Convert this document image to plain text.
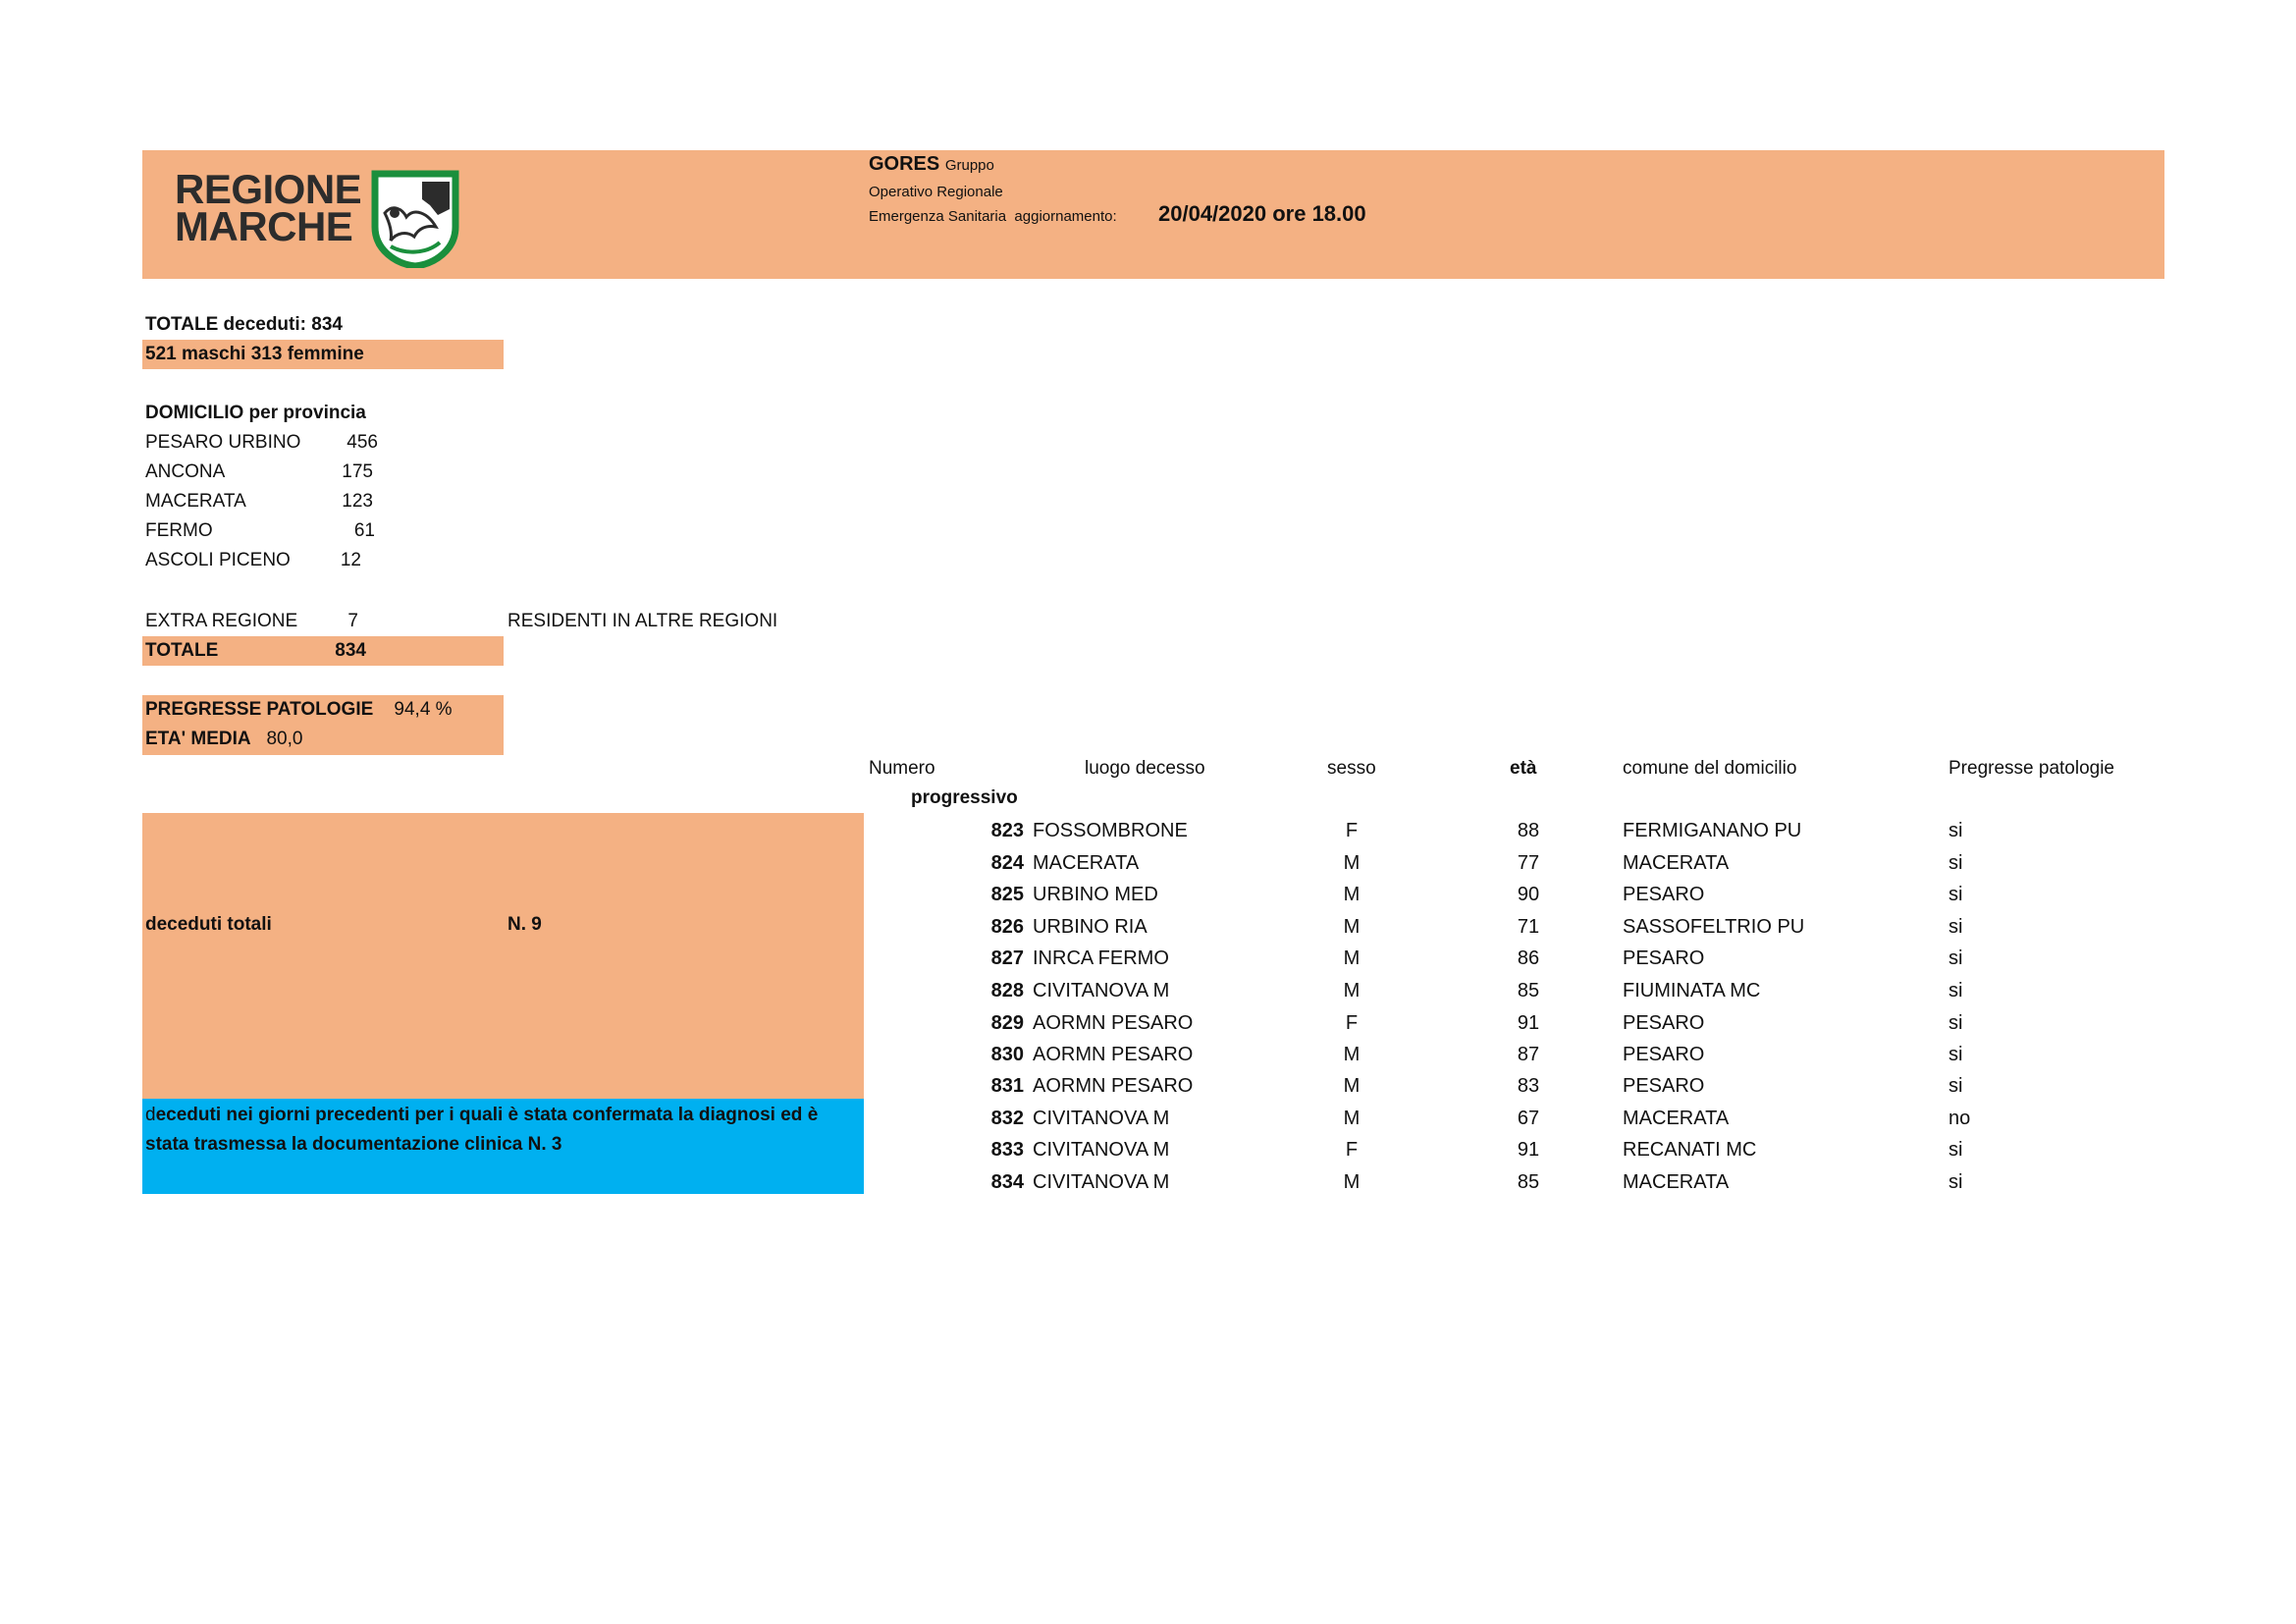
REGIONE
MARCHE
GORES Gruppo
Operativo Regionale
Emergenza Sanitaria aggiornamento: 20/04/2020 ore 18.00
TOTALE deceduti: 834
521 maschi 313 femmine
DOMICILIO per provincia
PESARO URBINO	456
ANCONA	175
MACERATA	123
FERMO	61
ASCOLI PICENO	12
EXTRA REGIONE	7	RESIDENTI IN ALTRE REGIONI
TOTALE	834
PREGRESSE PATOLOGIE 94,4 %
ETA' MEDIA 80,0
Numero
progressivo
luogo decesso	sesso	età	comune del domicilio	Pregresse patologie
deceduti totali	N. 9
deceduti nei giorni precedenti per i quali è stata confermata la diagnosi ed è
stata trasmessa la documentazione clinica N. 3
823 FOSSOMBRONE	F	88	FERMIGANANO PU	si
824 MACERATA	M	77	MACERATA	si
825 URBINO MED	M	90	PESARO	si
826 URBINO RIA	M	71	SASSOFELTRIO PU	si
827 INRCA FERMO	M	86	PESARO	si
828 CIVITANOVA M	M	85	FIUMINATA MC	si
829 AORMN PESARO	F	91	PESARO	si
830 AORMN PESARO	M	87	PESARO	si
831 AORMN PESARO	M	83	PESARO	si
832 CIVITANOVA M	M	67	MACERATA	no
833 CIVITANOVA M	F	91	RECANATI MC	si
834 CIVITANOVA M	M	85	MACERATA	si
